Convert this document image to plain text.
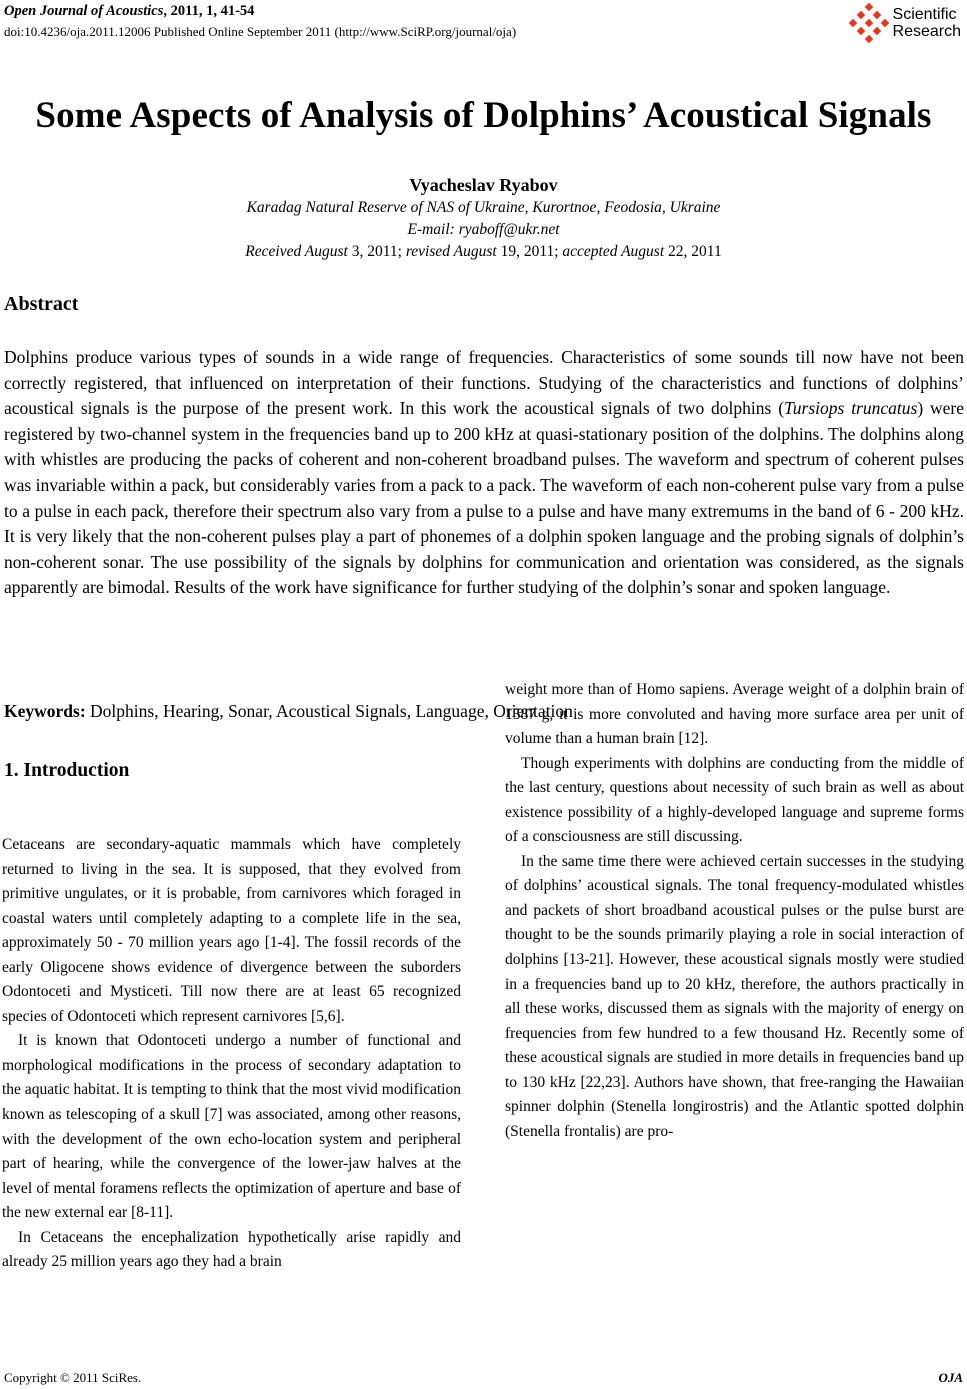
Open Journal of Acoustics, 2011, 1, 41-54
doi:10.4236/oja.2011.12006 Published Online September 2011 (http://www.SciRP.org/journal/oja)
Scientific
Research
Some Aspects of Analysis of Dolphins’ Acoustical Signals
Vyacheslav Ryabov
Karadag Natural Reserve of NAS of Ukraine, Kurortnoe, Feodosia, Ukraine
E-mail: ryaboff@ukr.net
Received August 3, 2011; revised August 19, 2011; accepted August 22, 2011
Abstract
Dolphins produce various types of sounds in a wide range of frequencies. Characteristics of some sounds till now have not been correctly registered, that influenced on interpretation of their functions. Studying of the characteristics and functions of dolphins’ acoustical signals is the purpose of the present work. In this work the acoustical signals of two dolphins (Tursiops truncatus) were registered by two-channel system in the frequencies band up to 200 kHz at quasi-stationary position of the dolphins. The dolphins along with whistles are producing the packs of coherent and non-coherent broadband pulses. The waveform and spectrum of coherent pulses was invariable within a pack, but considerably varies from a pack to a pack. The waveform of each non-coherent pulse vary from a pulse to a pulse in each pack, therefore their spectrum also vary from a pulse to a pulse and have many extremums in the band of 6 - 200 kHz. It is very likely that the non-coherent pulses play a part of phonemes of a dolphin spoken language and the probing signals of dolphin’s non-coherent sonar. The use possibility of the signals by dolphins for communication and orientation was considered, as the signals apparently are bimodal. Results of the work have significance for further studying of the dolphin’s sonar and spoken language.
Keywords: Dolphins, Hearing, Sonar, Acoustical Signals, Language, Orientation
1. Introduction

Cetaceans are secondary-aquatic mammals which have completely returned to living in the sea. It is supposed, that they evolved from primitive ungulates, or it is probable, from carnivores which foraged in coastal waters until completely adapting to a complete life in the sea, approximately 50 - 70 million years ago [1-4]. The fossil records of the early Oligocene shows evidence of divergence between the suborders Odontoceti and Mysticeti. Till now there are at least 65 recognized species of Odontoceti which represent carnivores [5,6].

It is known that Odontoceti undergo a number of functional and morphological modifications in the process of secondary adaptation to the aquatic habitat. It is tempting to think that the most vivid modification known as telescoping of a skull [7] was associated, among other reasons, with the development of the own echo-location system and peripheral part of hearing, while the convergence of the lower-jaw halves at the level of mental foramens reflects the optimization of aperture and base of the new external ear [8-11].

In Cetaceans the encephalization hypothetically arise rapidly and already 25 million years ago they had a brain

weight more than of Homo sapiens. Average weight of a dolphin brain of 1587 g, it is more convoluted and having more surface area per unit of volume than a human brain [12].

Though experiments with dolphins are conducting from the middle of the last century, questions about necessity of such brain as well as about existence possibility of a highly-developed language and supreme forms of a consciousness are still discussing.

In the same time there were achieved certain successes in the studying of dolphins’ acoustical signals. The tonal frequency-modulated whistles and packets of short broadband acoustical pulses or the pulse burst are thought to be the sounds primarily playing a role in social interaction of dolphins [13-21]. However, these acoustical signals mostly were studied in a frequencies band up to 20 kHz, therefore, the authors practically in all these works, discussed them as signals with the majority of energy on frequencies from few hundred to a few thousand Hz. Recently some of these acoustical signals are studied in more details in frequencies band up to 130 kHz [22,23]. Authors have shown, that free-ranging the Hawaiian spinner dolphin (Stenella longirostris) and the Atlantic spotted dolphin (Stenella frontalis) are pro-

Copyright © 2011 SciRes.	OJA
